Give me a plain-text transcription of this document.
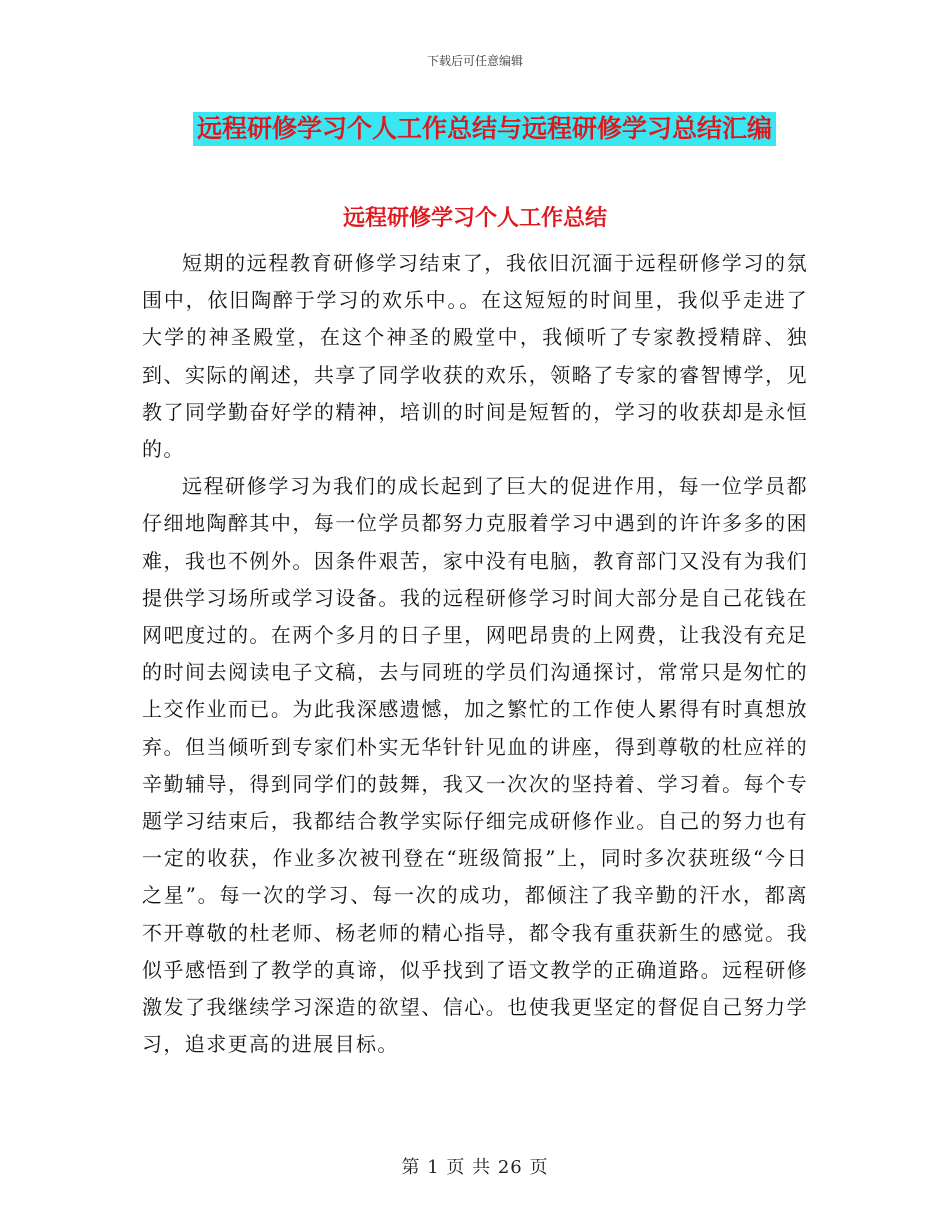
下载后可任意编辑
远程研修学习个人工作总结与远程研修学习总结汇编
远程研修学习个人工作总结

短期的远程教育研修学习结束了，我依旧沉湎于远程研修学习的氛围中，依旧陶醉于学习的欢乐中。。在这短短的时间里，我似乎走进了大学的神圣殿堂，在这个神圣的殿堂中，我倾听了专家教授精辟、独到、实际的阐述，共享了同学收获的欢乐，领略了专家的睿智博学，见教了同学勤奋好学的精神，培训的时间是短暂的，学习的收获却是永恒的。

远程研修学习为我们的成长起到了巨大的促进作用，每一位学员都仔细地陶醉其中，每一位学员都努力克服着学习中遇到的许许多多的困难，我也不例外。因条件艰苦，家中没有电脑，教育部门又没有为我们提供学习场所或学习设备。我的远程研修学习时间大部分是自己花钱在网吧度过的。在两个多月的日子里，网吧昂贵的上网费，让我没有充足的时间去阅读电子文稿，去与同班的学员们沟通探讨，常常只是匆忙的上交作业而已。为此我深感遗憾，加之繁忙的工作使人累得有时真想放弃。但当倾听到专家们朴实无华针针见血的讲座，得到尊敬的杜应祥的辛勤辅导，得到同学们的鼓舞，我又一次次的坚持着、学习着。每个专题学习结束后，我都结合教学实际仔细完成研修作业。自己的努力也有一定的收获，作业多次被刊登在“班级简报”上，同时多次获班级“今日之星”。每一次的学习、每一次的成功，都倾注了我辛勤的汗水，都离不开尊敬的杜老师、杨老师的精心指导，都令我有重获新生的感觉。我似乎感悟到了教学的真谛，似乎找到了语文教学的正确道路。远程研修激发了我继续学习深造的欲望、信心。也使我更坚定的督促自己努力学习，追求更高的进展目标。

第 1 页 共 26 页
